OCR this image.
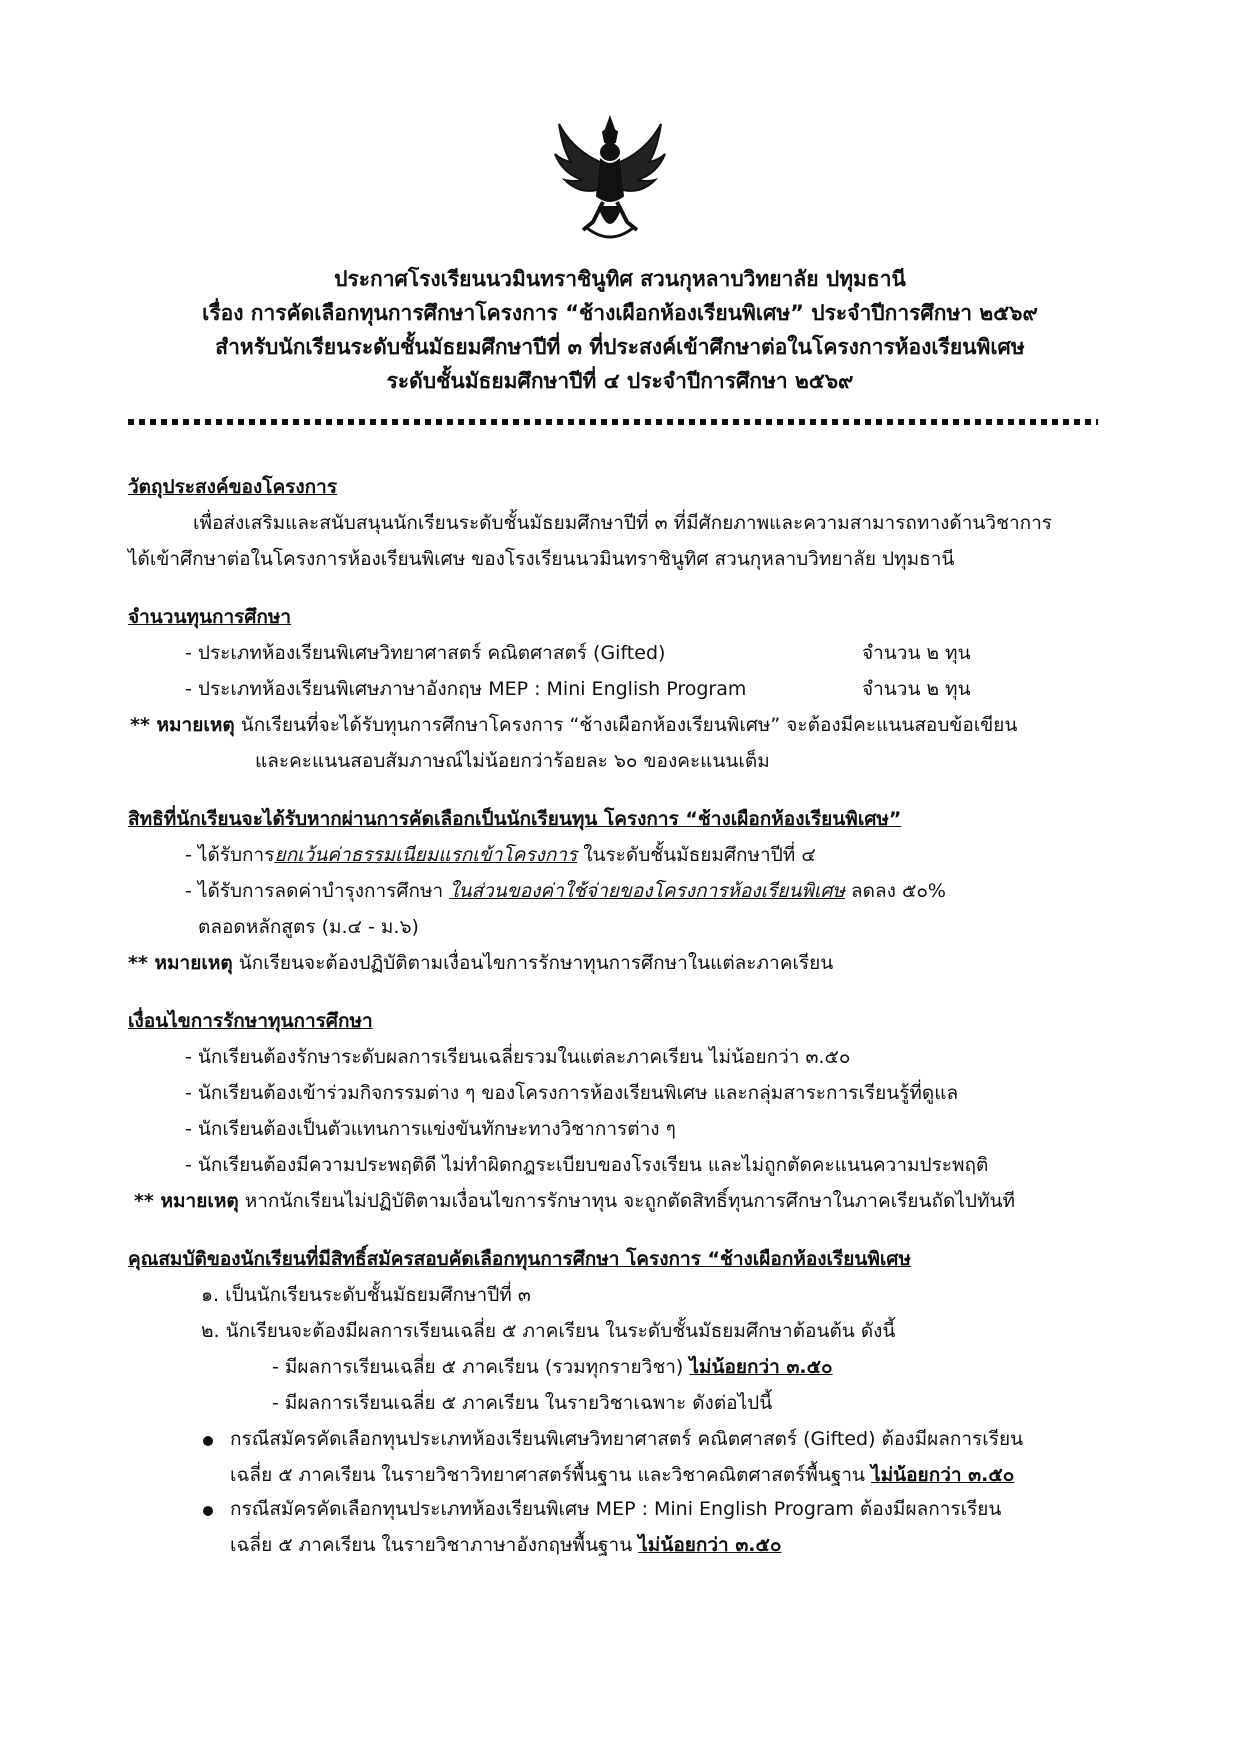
ประกาศโรงเรียนนวมินทราชินูทิศ สวนกุหลาบวิทยาลัย ปทุมธานี
เรื่อง การคัดเลือกทุนการศึกษาโครงการ “ช้างเผือกห้องเรียนพิเศษ” ประจำปีการศึกษา ๒๕๖๙
สำหรับนักเรียนระดับชั้นมัธยมศึกษาปีที่ ๓ ที่ประสงค์เข้าศึกษาต่อในโครงการห้องเรียนพิเศษ
ระดับชั้นมัธยมศึกษาปีที่ ๔ ประจำปีการศึกษา ๒๕๖๙
วัตถุประสงค์ของโครงการ
เพื่อส่งเสริมและสนับสนุนนักเรียนระดับชั้นมัธยมศึกษาปีที่ ๓ ที่มีศักยภาพและความสามารถทางด้านวิชาการ
ได้เข้าศึกษาต่อในโครงการห้องเรียนพิเศษ ของโรงเรียนนวมินทราชินูทิศ สวนกุหลาบวิทยาลัย ปทุมธานี
จำนวนทุนการศึกษา
- ประเภทห้องเรียนพิเศษวิทยาศาสตร์ คณิตศาสตร์ (Gifted)	จำนวน ๒ ทุน
- ประเภทห้องเรียนพิเศษภาษาอังกฤษ MEP : Mini English Program	จำนวน ๒ ทุน
** หมายเหตุ นักเรียนที่จะได้รับทุนการศึกษาโครงการ “ช้างเผือกห้องเรียนพิเศษ” จะต้องมีคะแนนสอบข้อเขียน
และคะแนนสอบสัมภาษณ์ไม่น้อยกว่าร้อยละ ๖๐ ของคะแนนเต็ม
สิทธิที่นักเรียนจะได้รับหากผ่านการคัดเลือกเป็นนักเรียนทุน โครงการ “ช้างเผือกห้องเรียนพิเศษ”
- ได้รับการยกเว้นค่าธรรมเนียมแรกเข้าโครงการ ในระดับชั้นมัธยมศึกษาปีที่ ๔
- ได้รับการลดค่าบำรุงการศึกษา ในส่วนของค่าใช้จ่ายของโครงการห้องเรียนพิเศษ ลดลง ๕๐%
ตลอดหลักสูตร (ม.๔ - ม.๖)
** หมายเหตุ นักเรียนจะต้องปฏิบัติตามเงื่อนไขการรักษาทุนการศึกษาในแต่ละภาคเรียน
เงื่อนไขการรักษาทุนการศึกษา
- นักเรียนต้องรักษาระดับผลการเรียนเฉลี่ยรวมในแต่ละภาคเรียน ไม่น้อยกว่า ๓.๕๐
- นักเรียนต้องเข้าร่วมกิจกรรมต่าง ๆ ของโครงการห้องเรียนพิเศษ และกลุ่มสาระการเรียนรู้ที่ดูแล
- นักเรียนต้องเป็นตัวแทนการแข่งขันทักษะทางวิชาการต่าง ๆ
- นักเรียนต้องมีความประพฤติดี ไม่ทำผิดกฎระเบียบของโรงเรียน และไม่ถูกตัดคะแนนความประพฤติ
** หมายเหตุ หากนักเรียนไม่ปฏิบัติตามเงื่อนไขการรักษาทุน จะถูกตัดสิทธิ์ทุนการศึกษาในภาคเรียนถัดไปทันที
คุณสมบัติของนักเรียนที่มีสิทธิ์สมัครสอบคัดเลือกทุนการศึกษา โครงการ “ช้างเผือกห้องเรียนพิเศษ
๑. เป็นนักเรียนระดับชั้นมัธยมศึกษาปีที่ ๓
๒. นักเรียนจะต้องมีผลการเรียนเฉลี่ย ๕ ภาคเรียน ในระดับชั้นมัธยมศึกษาต้อนต้น ดังนี้
- มีผลการเรียนเฉลี่ย ๕ ภาคเรียน (รวมทุกรายวิชา) ไม่น้อยกว่า ๓.๕๐
- มีผลการเรียนเฉลี่ย ๕ ภาคเรียน ในรายวิชาเฉพาะ ดังต่อไปนี้
กรณีสมัครคัดเลือกทุนประเภทห้องเรียนพิเศษวิทยาศาสตร์ คณิตศาสตร์ (Gifted) ต้องมีผลการเรียน
เฉลี่ย ๕ ภาคเรียน ในรายวิชาวิทยาศาสตร์พื้นฐาน และวิชาคณิตศาสตร์พื้นฐาน ไม่น้อยกว่า ๓.๕๐
กรณีสมัครคัดเลือกทุนประเภทห้องเรียนพิเศษ MEP : Mini English Program ต้องมีผลการเรียน
เฉลี่ย ๕ ภาคเรียน ในรายวิชาภาษาอังกฤษพื้นฐาน ไม่น้อยกว่า ๓.๕๐
